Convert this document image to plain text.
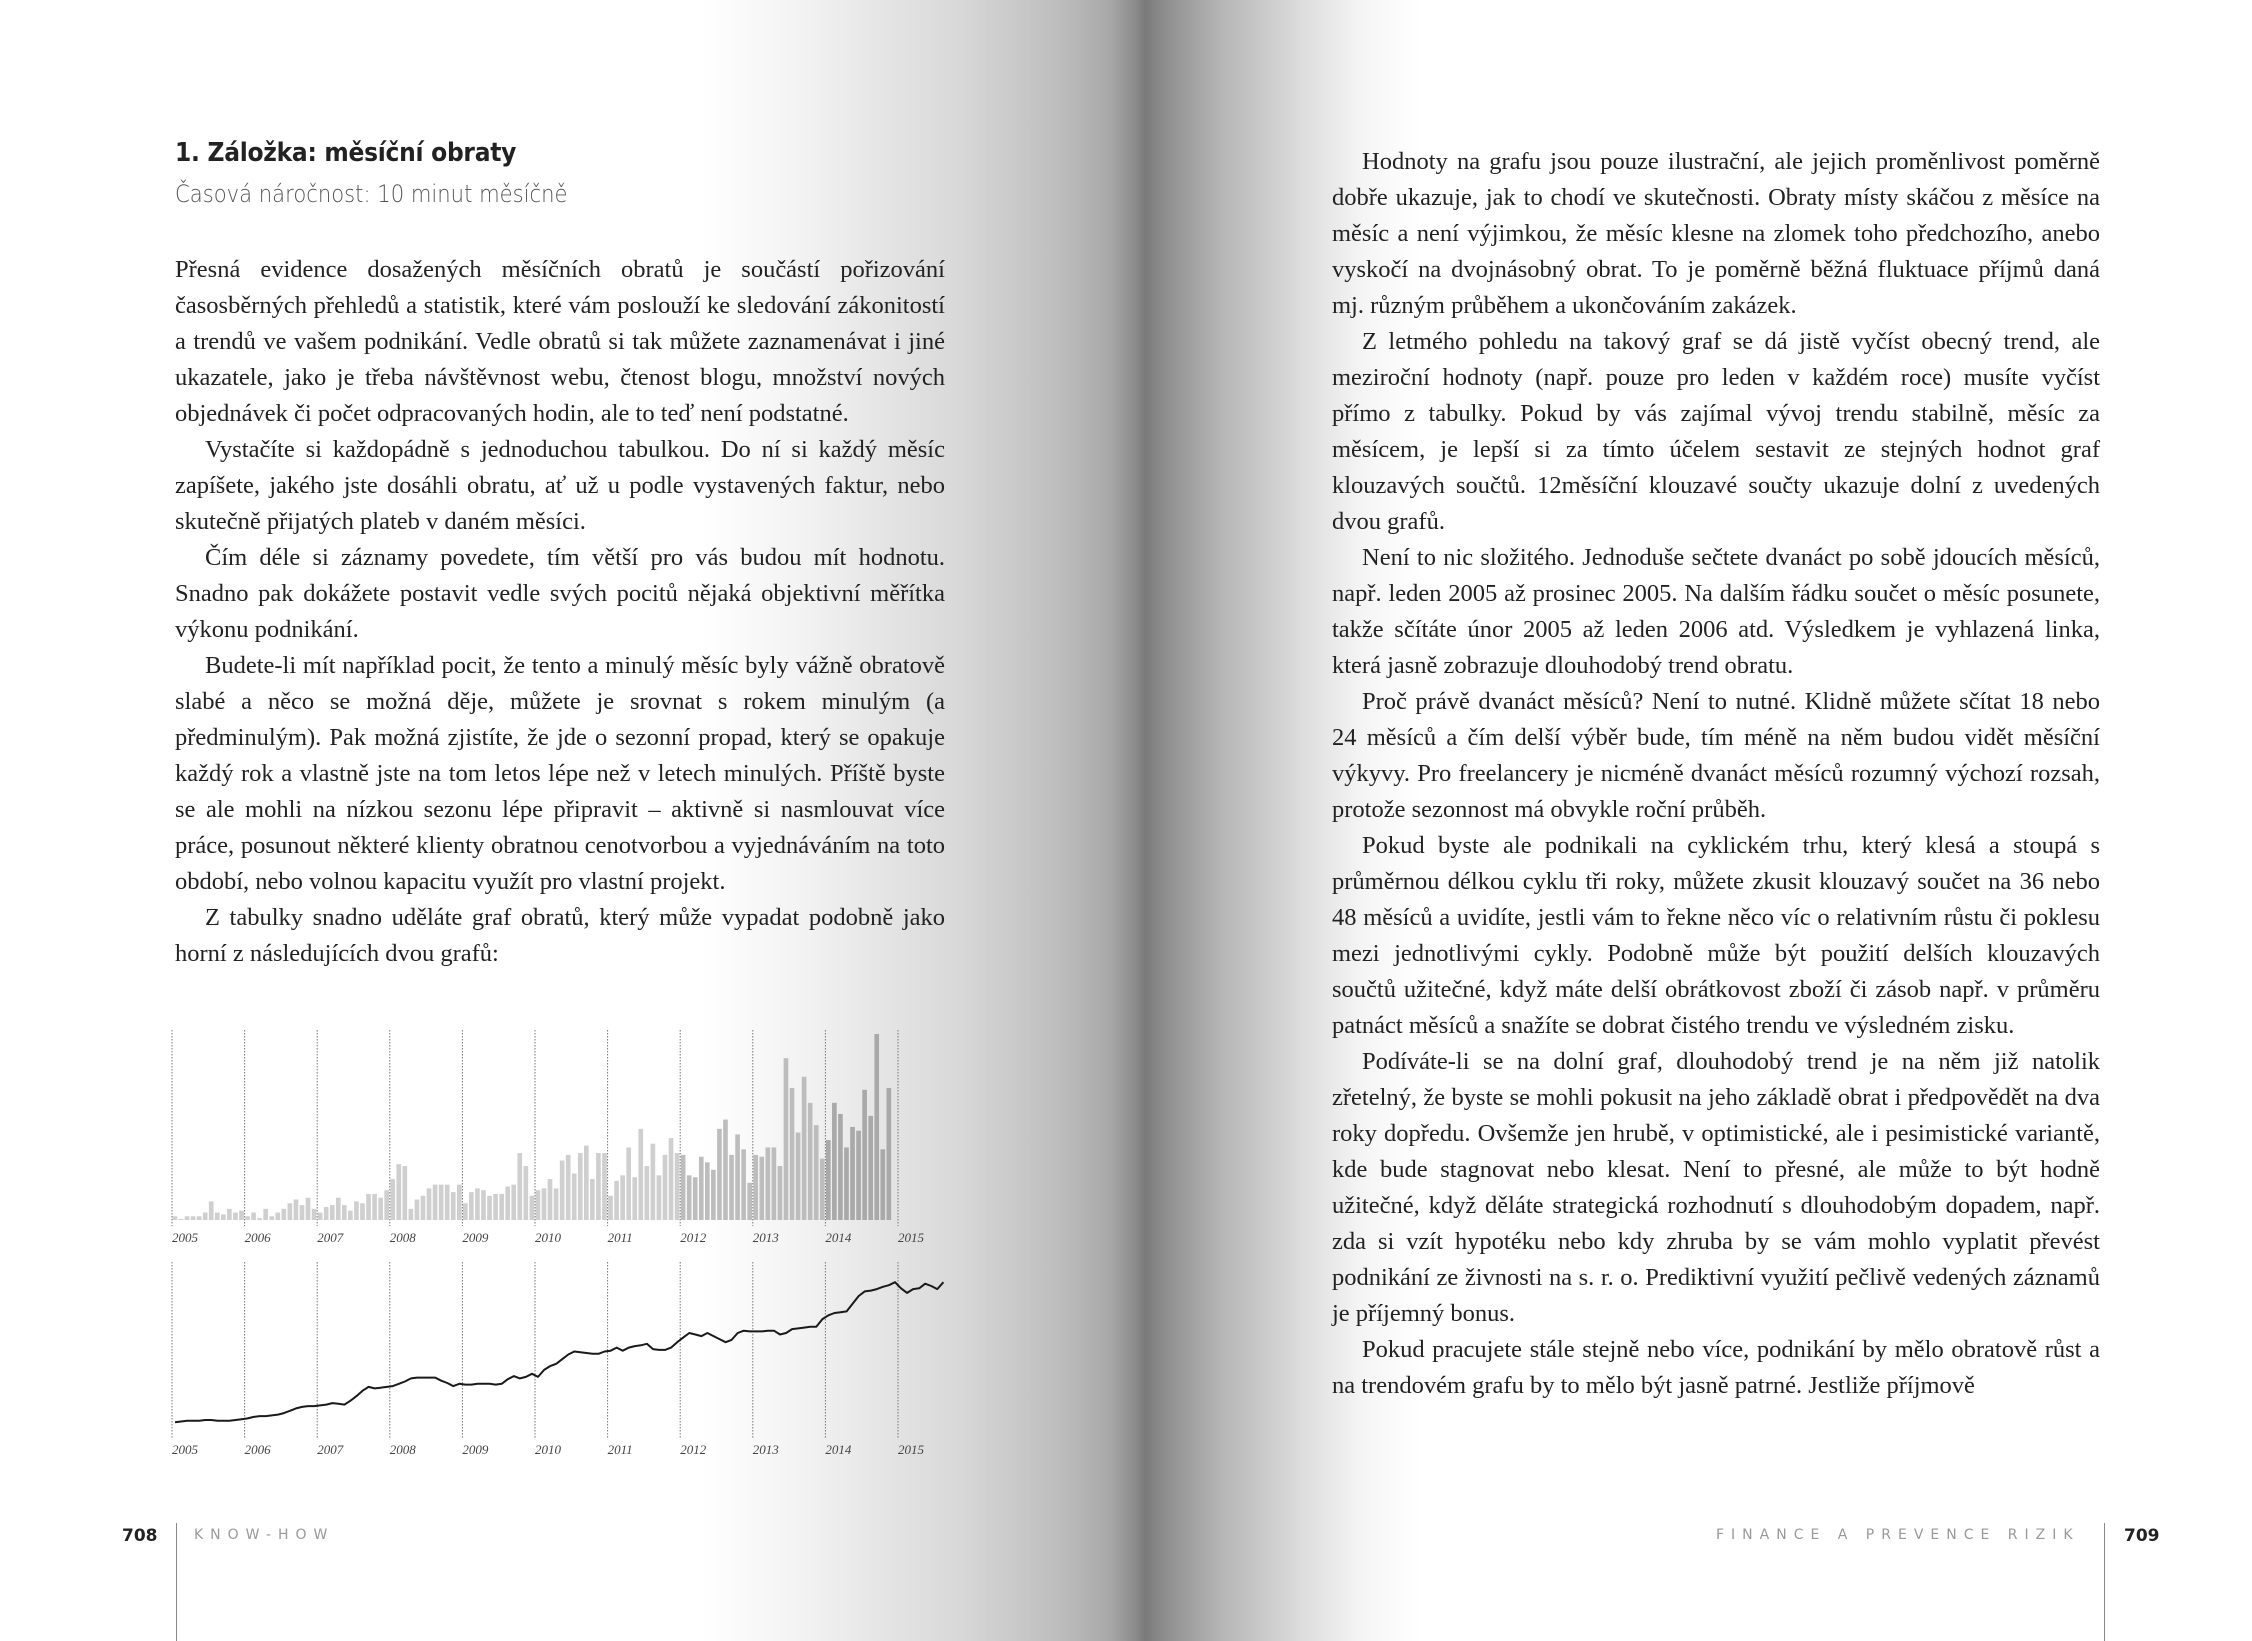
1. Záložka: měsíční obraty
Časová náročnost: 10 minut měsíčně

Přesná evidence dosažených měsíčních obratů je součástí pořizování časosběrných přehledů a statistik, které vám poslouží ke sledování zákonitostí a trendů ve vašem podnikání. Vedle obratů si tak můžete zaznamenávat i jiné ukazatele, jako je třeba návštěvnost webu, čtenost blogu, množství nových objednávek či počet odpracovaných hodin, ale to teď není podstatné.

Vystačíte si každopádně s jednoduchou tabulkou. Do ní si každý měsíc zapíšete, jakého jste dosáhli obratu, ať už u podle vystavených faktur, nebo skutečně přijatých plateb v daném měsíci.

Čím déle si záznamy povedete, tím větší pro vás budou mít hodnotu. Snadno pak dokážete postavit vedle svých pocitů nějaká objektivní měřítka výkonu podnikání.

Budete-li mít například pocit, že tento a minulý měsíc byly vážně obratově slabé a něco se možná děje, můžete je srovnat s rokem minulým (a předminulým). Pak možná zjistíte, že jde o sezonní propad, který se opakuje každý rok a vlastně jste na tom letos lépe než v letech minulých. Příště byste se ale mohli na nízkou sezonu lépe připravit – aktivně si nasmlouvat více práce, posunout některé klienty obratnou cenotvorbou a vyjednáváním na toto období, nebo volnou kapacitu využít pro vlastní projekt.

Z tabulky snadno uděláte graf obratů, který může vypadat podobně jako horní z následujících dvou grafů:

2005	2006	2007	2008	2009	2010	2011	2012	2013	2014	2015
2005	2006	2007	2008	2009	2010	2011	2012	2013	2014	2015
708	KNOW-HOW

Hodnoty na grafu jsou pouze ilustrační, ale jejich proměnlivost poměrně dobře ukazuje, jak to chodí ve skutečnosti. Obraty místy skáčou z měsíce na měsíc a není výjimkou, že měsíc klesne na zlomek toho předchozího, anebo vyskočí na dvojnásobný obrat. To je poměrně běžná fluktuace příjmů daná mj. různým průběhem a ukončováním zakázek.

Z letmého pohledu na takový graf se dá jistě vyčíst obecný trend, ale meziroční hodnoty (např. pouze pro leden v každém roce) musíte vyčíst přímo z tabulky. Pokud by vás zajímal vývoj trendu stabilně, měsíc za měsícem, je lepší si za tímto účelem sestavit ze stejných hodnot graf klouzavých součtů. 12měsíční klouzavé součty ukazuje dolní z uvedených dvou grafů.

Není to nic složitého. Jednoduše sečtete dvanáct po sobě jdoucích měsíců, např. leden 2005 až prosinec 2005. Na dalším řádku součet o měsíc posunete, takže sčítáte únor 2005 až leden 2006 atd. Výsledkem je vyhlazená linka, která jasně zobrazuje dlouhodobý trend obratu.

Proč právě dvanáct měsíců? Není to nutné. Klidně můžete sčítat 18 nebo 24 měsíců a čím delší výběr bude, tím méně na něm budou vidět měsíční výkyvy. Pro freelancery je nicméně dvanáct měsíců rozumný výchozí rozsah, protože sezonnost má obvykle roční průběh.

Pokud byste ale podnikali na cyklickém trhu, který klesá a stoupá s průměrnou délkou cyklu tři roky, můžete zkusit klouzavý součet na 36 nebo 48 měsíců a uvidíte, jestli vám to řekne něco víc o relativním růstu či poklesu mezi jednotlivými cykly. Podobně může být použití delších klouzavých součtů užitečné, když máte delší obrátkovost zboží či zásob např. v průměru patnáct měsíců a snažíte se dobrat čistého trendu ve výsledném zisku.

Podíváte-li se na dolní graf, dlouhodobý trend je na něm již natolik zřetelný, že byste se mohli pokusit na jeho základě obrat i předpovědět na dva roky dopředu. Ovšemže jen hrubě, v optimistické, ale i pesimistické variantě, kde bude stagnovat nebo klesat. Není to přesné, ale může to být hodně užitečné, když děláte strategická rozhodnutí s dlouhodobým dopadem, např. zda si vzít hypotéku nebo kdy zhruba by se vám mohlo vyplatit převést podnikání ze živnosti na s. r. o. Prediktivní využití pečlivě vedených záznamů je příjemný bonus.

Pokud pracujete stále stejně nebo více, podnikání by mělo obratově růst a na trendovém grafu by to mělo být jasně patrné. Jestliže příjmově

FINANCE A PREVENCE RIZIK	709
